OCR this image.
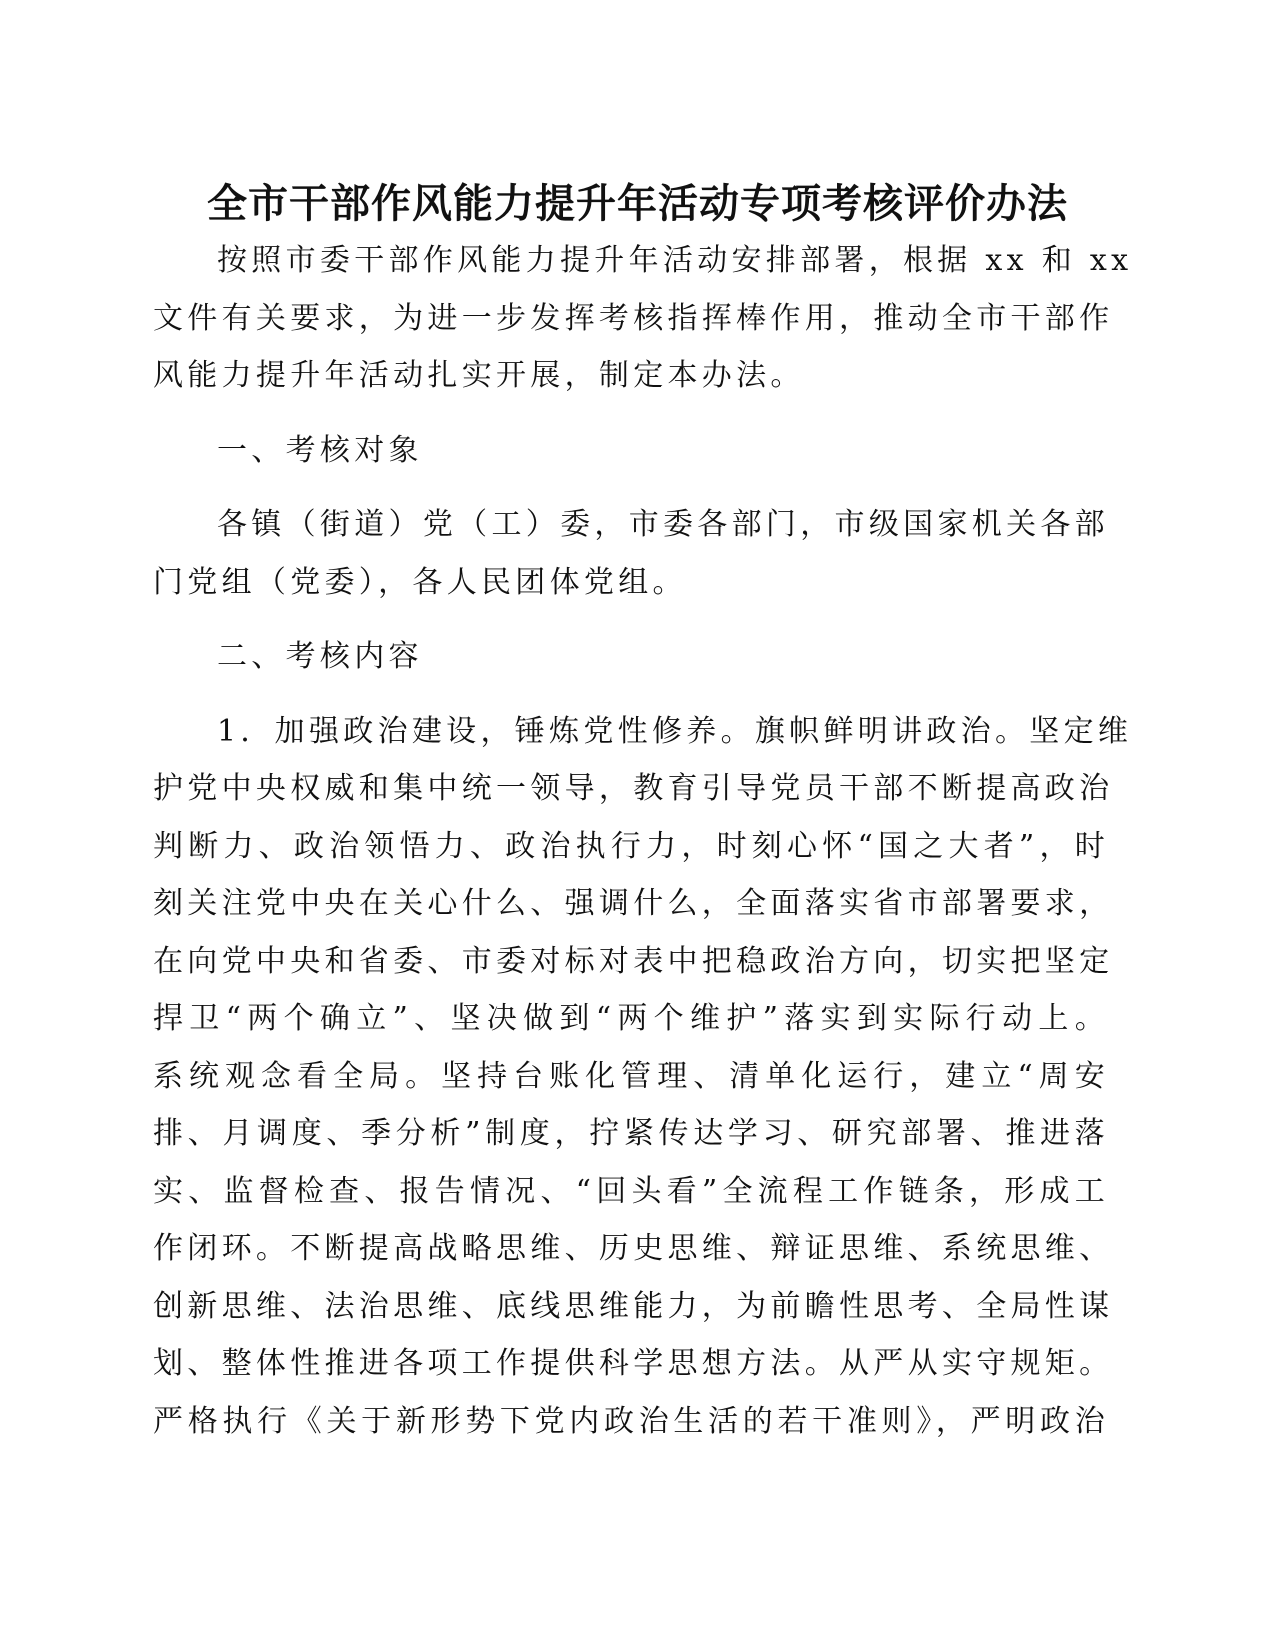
全市干部作风能力提升年活动专项考核评价办法
按照市委干部作风能力提升年活动安排部署，根据 xx 和 xx
文件有关要求，为进一步发挥考核指挥棒作用，推动全市干部作
风能力提升年活动扎实开展，制定本办法。
一、考核对象
各镇（街道）党（工）委，市委各部门，市级国家机关各部
门党组（党委），各人民团体党组。
二、考核内容
1．加强政治建设，锤炼党性修养。旗帜鲜明讲政治。坚定维
护党中央权威和集中统一领导，教育引导党员干部不断提高政治
判断力、政治领悟力、政治执行力，时刻心怀“国之大者”，时
刻关注党中央在关心什么、强调什么，全面落实省市部署要求，
在向党中央和省委、市委对标对表中把稳政治方向，切实把坚定
捍卫“两个确立”、坚决做到“两个维护”落实到实际行动上。
系统观念看全局。坚持台账化管理、清单化运行，建立“周安
排、月调度、季分析”制度，拧紧传达学习、研究部署、推进落
实、监督检查、报告情况、“回头看”全流程工作链条，形成工
作闭环。不断提高战略思维、历史思维、辩证思维、系统思维、
创新思维、法治思维、底线思维能力，为前瞻性思考、全局性谋
划、整体性推进各项工作提供科学思想方法。从严从实守规矩。
严格执行《关于新形势下党内政治生活的若干准则》，严明政治
